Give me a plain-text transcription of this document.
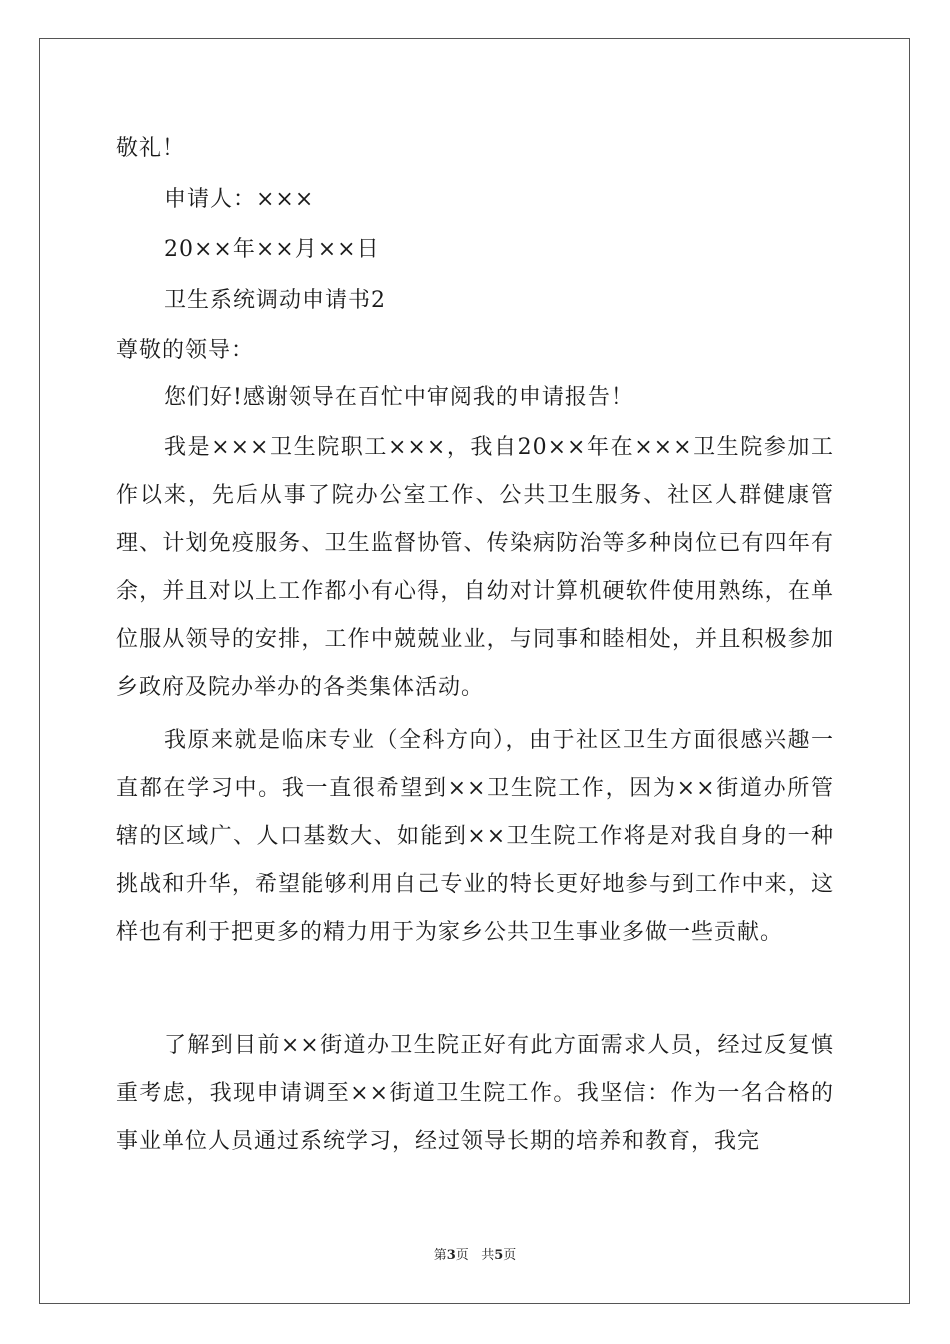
敬礼！
申请人：×××
20××年××月××日
卫生系统调动申请书2
尊敬的领导：

您们好!感谢领导在百忙中审阅我的申请报告！

我是×××卫生院职工×××，我自20××年在×××卫生院参加工作以来，先后从事了院办公室工作、公共卫生服务、社区人群健康管理、计划免疫服务、卫生监督协管、传染病防治等多种岗位已有四年有余，并且对以上工作都小有心得，自幼对计算机硬软件使用熟练，在单位服从领导的安排，工作中兢兢业业，与同事和睦相处，并且积极参加乡政府及院办举办的各类集体活动。

我原来就是临床专业（全科方向），由于社区卫生方面很感兴趣一直都在学习中。我一直很希望到××卫生院工作，因为××街道办所管辖的区域广、人口基数大、如能到××卫生院工作将是对我自身的一种挑战和升华，希望能够利用自己专业的特长更好地参与到工作中来，这样也有利于把更多的精力用于为家乡公共卫生事业多做一些贡献。

了解到目前××街道办卫生院正好有此方面需求人员，经过反复慎重考虑，我现申请调至××街道卫生院工作。我坚信：作为一名合格的事业单位人员通过系统学习，经过领导长期的培养和教育，我完

第3页 共5页
